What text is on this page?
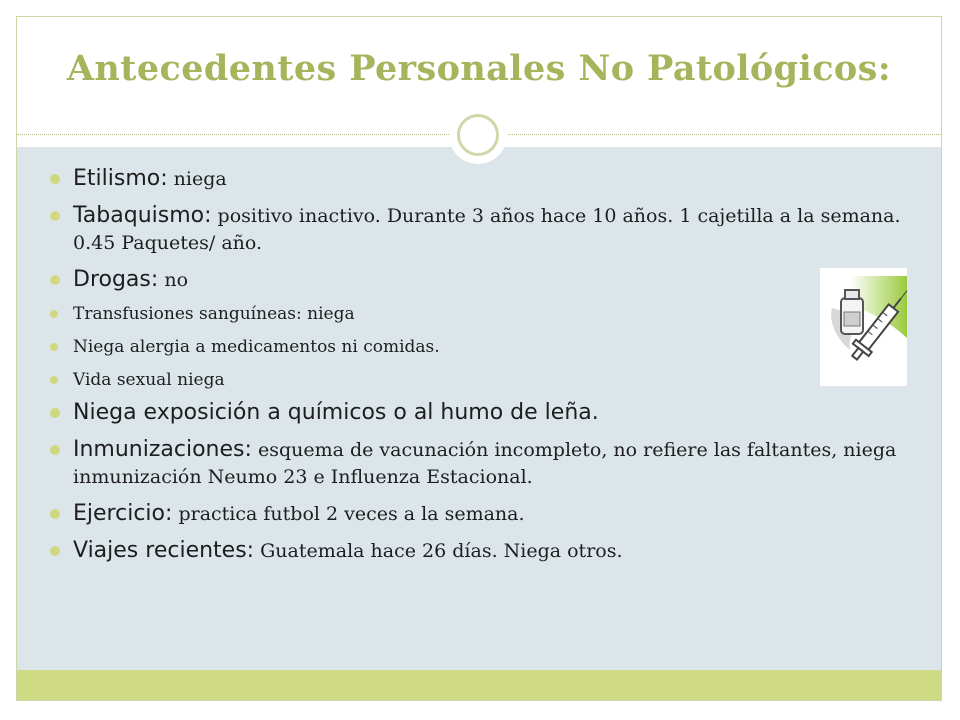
Antecedentes Personales No Patológicos:
Etilismo: niega
Tabaquismo: positivo inactivo. Durante 3 años hace 10 años. 1 cajetilla a la semana. 0.45 Paquetes/ año.
Drogas: no
Transfusiones sanguíneas: niega
Niega alergia a medicamentos ni comidas.
Vida sexual niega
Niega exposición a químicos o al humo de leña.
Inmunizaciones: esquema de vacunación incompleto, no refiere las faltantes, niega inmunización Neumo 23 e Influenza Estacional.
Ejercicio: practica futbol 2 veces a la semana.
Viajes recientes: Guatemala hace 26 días. Niega otros.
